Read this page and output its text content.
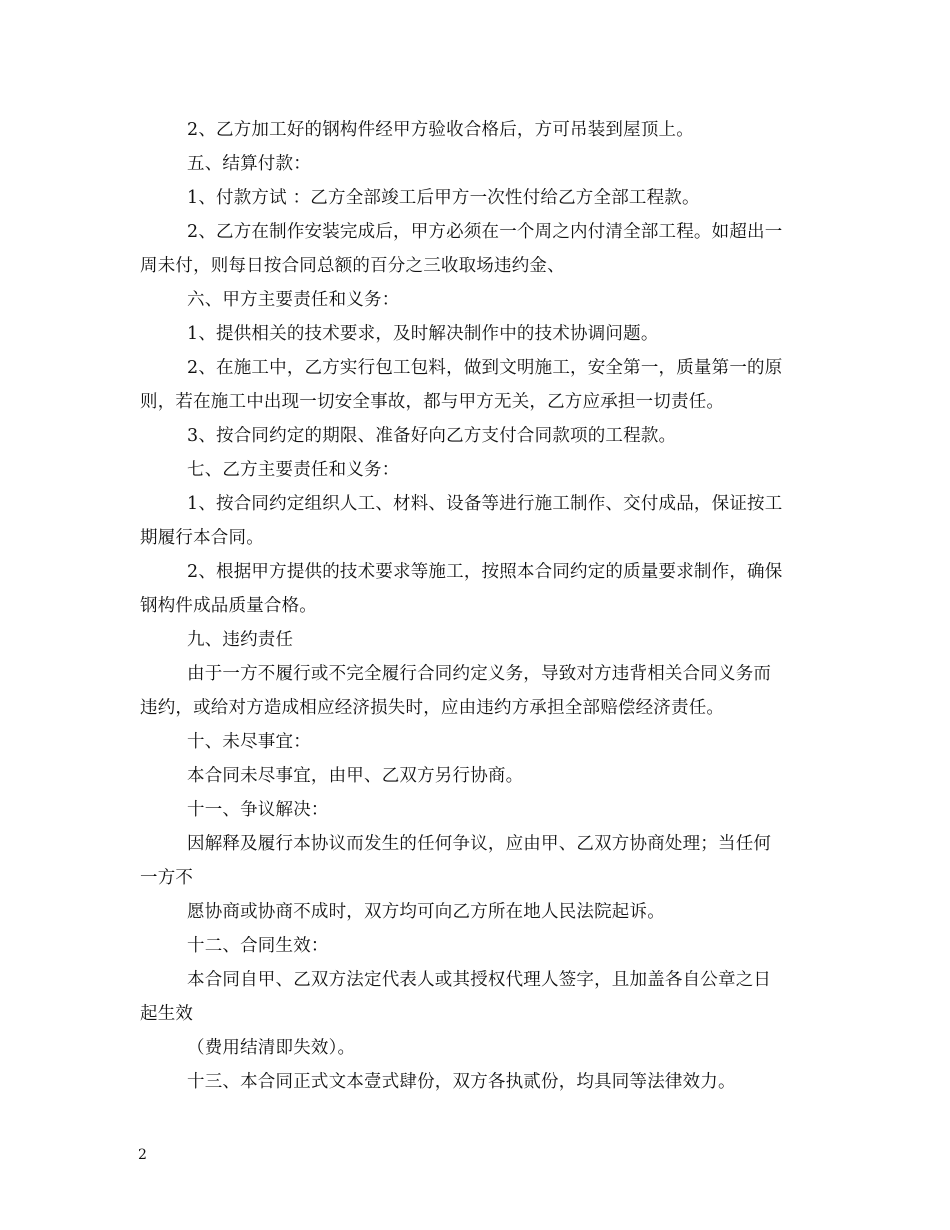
2、乙方加工好的钢构件经甲方验收合格后，方可吊装到屋顶上。
五、结算付款：
1、付款方试 ：乙方全部竣工后甲方一次性付给乙方全部工程款。
2、乙方在制作安装完成后，甲方必须在一个周之内付清全部工程。如超出一
周未付，则每日按合同总额的百分之三收取场违约金、
六、甲方主要责任和义务：
1、提供相关的技术要求，及时解决制作中的技术协调问题。
2、在施工中，乙方实行包工包料，做到文明施工，安全第一，质量第一的原
则，若在施工中出现一切安全事故，都与甲方无关，乙方应承担一切责任。
3、按合同约定的期限、准备好向乙方支付合同款项的工程款。
七、乙方主要责任和义务：
1、按合同约定组织人工、材料、设备等进行施工制作、交付成品，保证按工
期履行本合同。
2、根据甲方提供的技术要求等施工，按照本合同约定的质量要求制作，确保
钢构件成品质量合格。
九、违约责任
由于一方不履行或不完全履行合同约定义务，导致对方违背相关合同义务而
违约，或给对方造成相应经济损失时，应由违约方承担全部赔偿经济责任。
十、未尽事宜：
本合同未尽事宜，由甲、乙双方另行协商。
十一、争议解决：
因解释及履行本协议而发生的任何争议，应由甲、乙双方协商处理；当任何
一方不
愿协商或协商不成时，双方均可向乙方所在地人民法院起诉。
十二、合同生效：
本合同自甲、乙双方法定代表人或其授权代理人签字，且加盖各自公章之日
起生效
（费用结清即失效）。
十三、本合同正式文本壹式肆份，双方各执贰份，均具同等法律效力。
2
